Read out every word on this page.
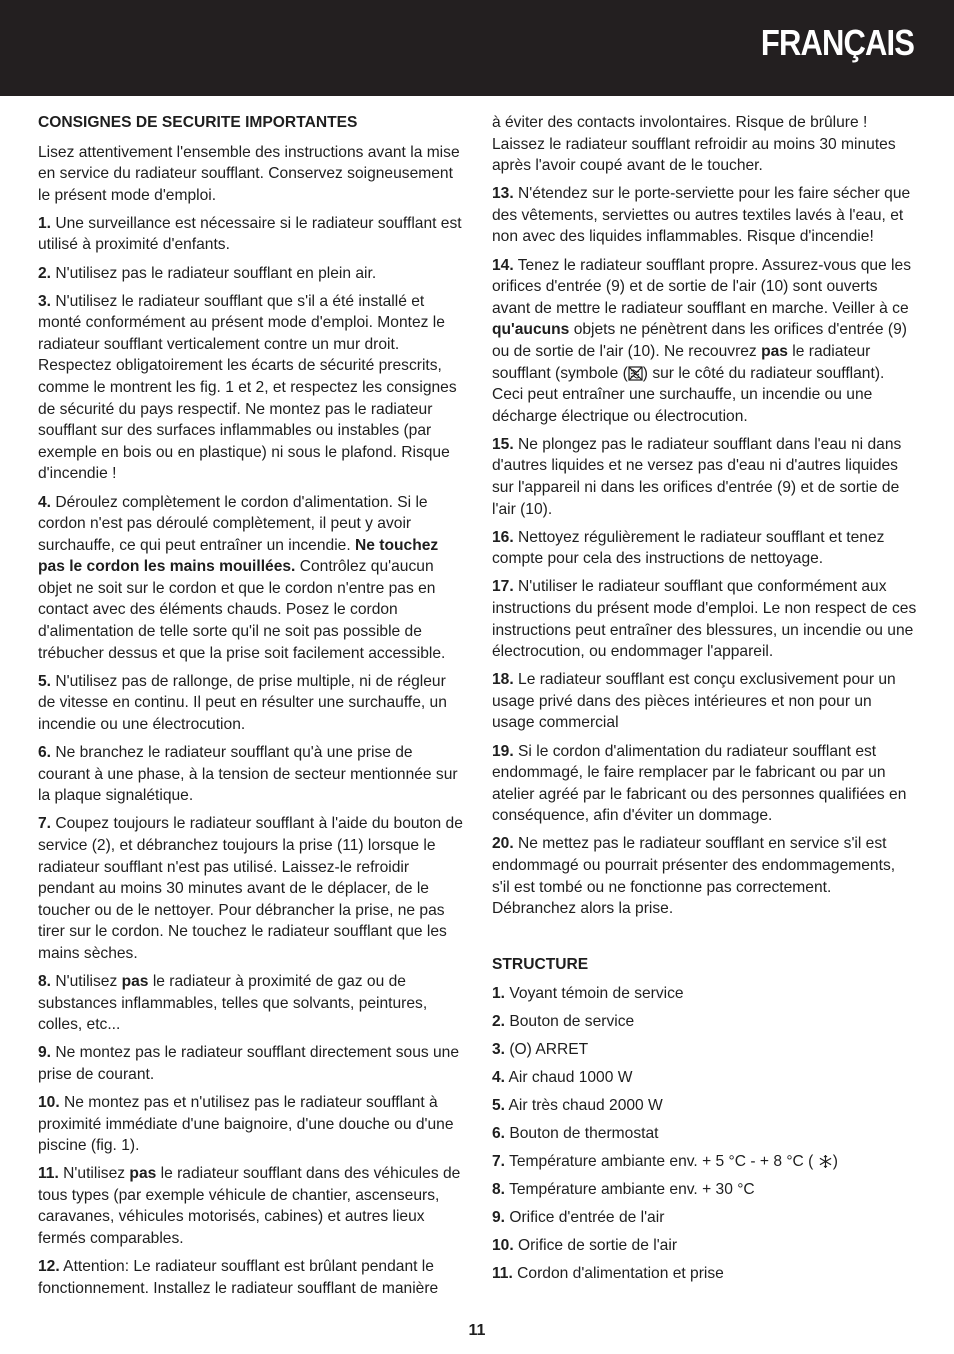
FRANÇAIS
CONSIGNES DE SECURITE IMPORTANTES

Lisez attentivement l'ensemble des instructions avant la mise en service du radiateur soufflant. Conservez soigneusement le présent mode d'emploi.

1. Une surveillance est nécessaire si le radiateur soufflant est utilisé à proximité d'enfants.

2. N'utilisez pas le radiateur soufflant en plein air.

3. N'utilisez le radiateur soufflant que s'il a été installé et monté conformément au présent mode d'emploi. Montez le radiateur soufflant verticalement contre un mur droit. Respectez obligatoirement les écarts de sécurité prescrits, comme le montrent les fig. 1 et 2, et respectez les consignes de sécurité du pays respectif. Ne montez pas le radiateur soufflant sur des surfaces inflammables ou instables (par exemple en bois ou en plastique) ni sous le plafond. Risque d'incendie !

4. Déroulez complètement le cordon d'alimentation. Si le cordon n'est pas déroulé complètement, il peut y avoir surchauffe, ce qui peut entraîner un incendie. Ne touchez pas le cordon les mains mouillées. Contrôlez qu'aucun objet ne soit sur le cordon et que le cordon n'entre pas en contact avec des éléments chauds. Posez le cordon d'alimentation de telle sorte qu'il ne soit pas possible de trébucher dessus et que la prise soit facilement accessible.

5. N'utilisez pas de rallonge, de prise multiple, ni de régleur de vitesse en continu. Il peut en résulter une surchauffe, un incendie ou une électrocution.

6. Ne branchez le radiateur soufflant qu'à une prise de courant à une phase, à la tension de secteur mentionnée sur la plaque signalétique.

7. Coupez toujours le radiateur soufflant à l'aide du bouton de service (2), et débranchez toujours la prise (11) lorsque le radiateur soufflant n'est pas utilisé. Laissez-le refroidir pendant au moins 30 minutes avant de le déplacer, de le toucher ou de le nettoyer. Pour débrancher la prise, ne pas tirer sur le cordon. Ne touchez le radiateur soufflant que les mains sèches.

8. N'utilisez pas le radiateur à proximité de gaz ou de substances inflammables, telles que solvants, peintures, colles, etc...

9. Ne montez pas le radiateur soufflant directement sous une prise de courant.

10. Ne montez pas et n'utilisez pas le radiateur soufflant à proximité immédiate d'une baignoire, d'une douche ou d'une piscine (fig. 1).

11. N'utilisez pas le radiateur soufflant dans des véhicules de tous types (par exemple véhicule de chantier, ascenseurs, caravanes, véhicules motorisés, cabines) et autres lieux fermés comparables.

12. Attention: Le radiateur soufflant est brûlant pendant le fonctionnement. Installez le radiateur soufflant de manière

à éviter des contacts involontaires. Risque de brûlure ! Laissez le radiateur soufflant refroidir au moins 30 minutes après l'avoir coupé avant de le toucher.

13. N'étendez sur le porte-serviette pour les faire sécher que des vêtements, serviettes ou autres textiles lavés à l'eau, et non avec des liquides inflammables. Risque d'incendie!

14. Tenez le radiateur soufflant propre. Assurez-vous que les orifices d'entrée (9) et de sortie de l'air (10) sont ouverts avant de mettre le radiateur soufflant en marche. Veiller à ce qu'aucuns objets ne pénètrent dans les orifices d'entrée (9) ou de sortie de l'air (10). Ne recouvrez pas le radiateur soufflant (symbole ( ) sur le côté du radiateur soufflant). Ceci peut entraîner une surchauffe, un incendie ou une décharge électrique ou électrocution.

15. Ne plongez pas le radiateur soufflant dans l'eau ni dans d'autres liquides et ne versez pas d'eau ni d'autres liquides sur l'appareil ni dans les orifices d'entrée (9) et de sortie de l'air (10).

16. Nettoyez régulièrement le radiateur soufflant et tenez compte pour cela des instructions de nettoyage.

17. N'utiliser le radiateur soufflant que conformément aux instructions du présent mode d'emploi. Le non respect de ces instructions peut entraîner des blessures, un incendie ou une électrocution, ou endommager l'appareil.

18. Le radiateur soufflant est conçu exclusivement pour un usage privé dans des pièces intérieures et non pour un usage commercial

19. Si le cordon d'alimentation du radiateur soufflant est endommagé, le faire remplacer par le fabricant ou par un atelier agréé par le fabricant ou des personnes qualifiées en conséquence, afin d'éviter un dommage.

20. Ne mettez pas le radiateur soufflant en service s'il est endommagé ou pourrait présenter des endommagements, s'il est tombé ou ne fonctionne pas correctement. Débranchez alors la prise.

STRUCTURE
1. Voyant témoin de service
2. Bouton de service
3. (O) ARRET
4. Air chaud 1000 W
5. Air très chaud 2000 W
6. Bouton de thermostat
7. Température ambiante env. + 5 °C - + 8 °C ( )
8. Température ambiante env. + 30 °C
9. Orifice d'entrée de l'air
10. Orifice de sortie de l'air
11. Cordon d'alimentation et prise
11
